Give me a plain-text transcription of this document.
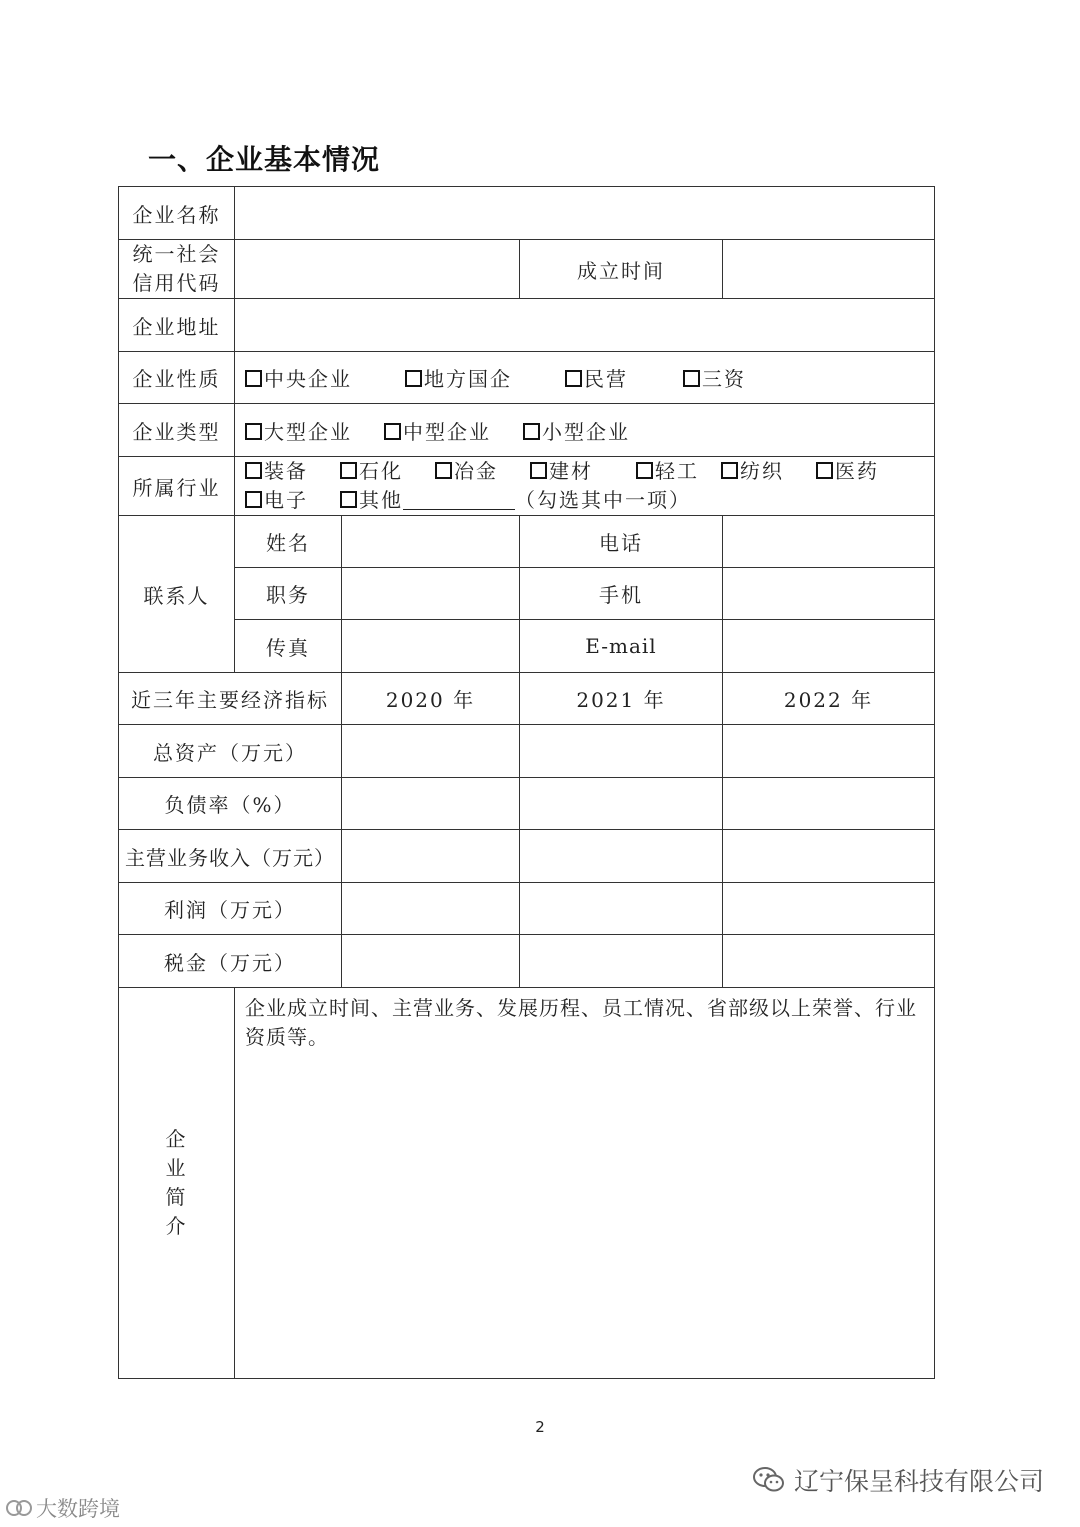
一、企业基本情况
企业名称				
统一社会
信用代码			成立时间	
企业地址				
企业性质	中央企业 地方国企 民营 三资			
企业类型	大型企业 中型企业 小型企业			
所属行业	装备 石化 冶金 建材 轻工 纺织 医药
电子 其他 （勾选其中一项）			
联系人	姓名		电话	
	职务		手机	
	传真		E-mail	
近三年主要经济指标		2020 年	2021 年	2022 年
总资产（万元）				
负债率（%）				
主营业务收入（万元）				
利润（万元）				
税金（万元）				
企
业
简
介	企业成立时间、主营业务、发展历程、员工情况、省部级以上荣誉、行业资质等。			
2
辽宁保呈科技有限公司
大数跨境
